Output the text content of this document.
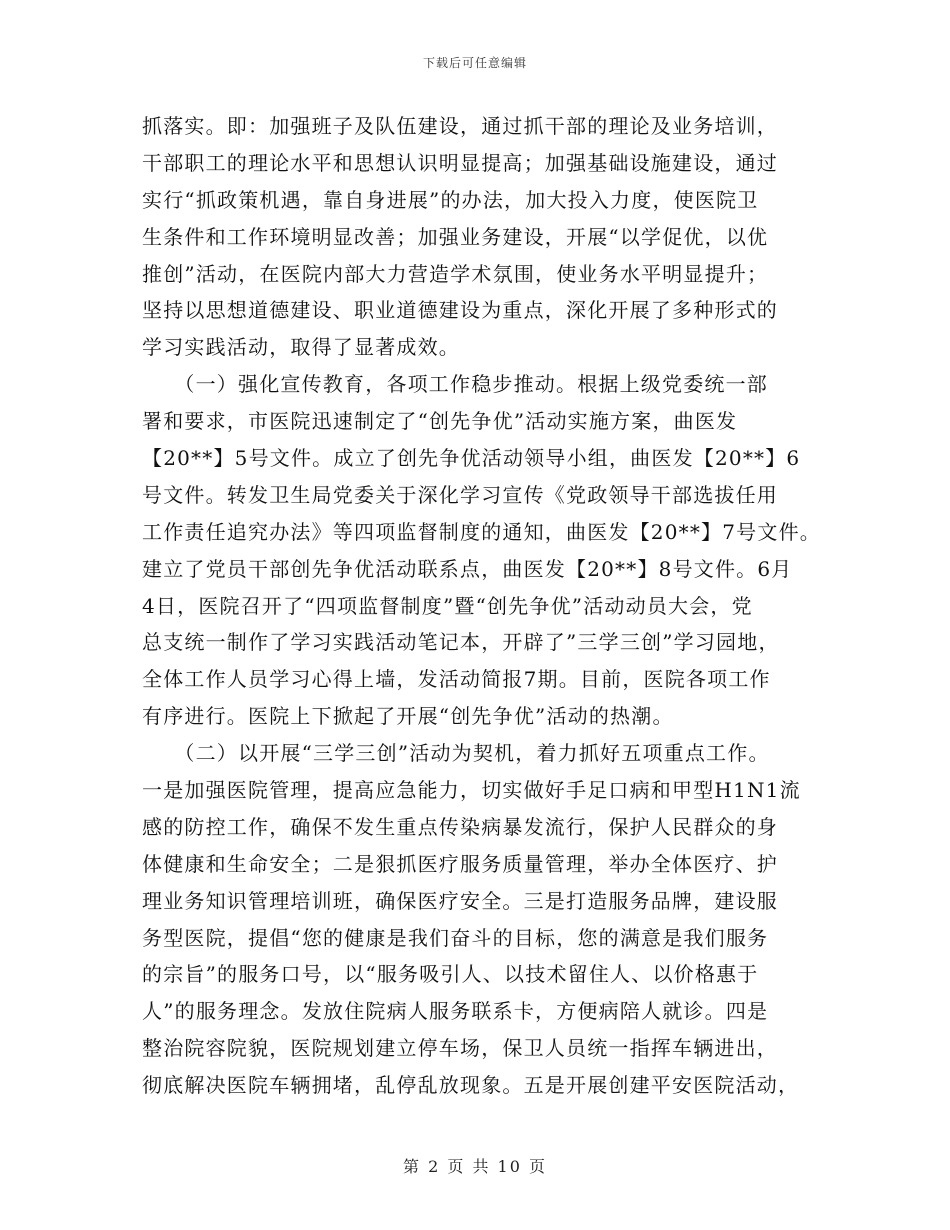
下载后可任意编辑
抓落实。即：加强班子及队伍建设，通过抓干部的理论及业务培训，
干部职工的理论水平和思想认识明显提高；加强基础设施建设，通过
实行“抓政策机遇，靠自身进展”的办法，加大投入力度，使医院卫
生条件和工作环境明显改善；加强业务建设，开展“以学促优，以优
推创”活动，在医院内部大力营造学术氛围，使业务水平明显提升；
坚持以思想道德建设、职业道德建设为重点，深化开展了多种形式的
学习实践活动，取得了显著成效。
　　（一）强化宣传教育，各项工作稳步推动。根据上级党委统一部
署和要求，市医院迅速制定了“创先争优”活动实施方案，曲医发
【20**】5号文件。成立了创先争优活动领导小组，曲医发【20**】6
号文件。转发卫生局党委关于深化学习宣传《党政领导干部选拔任用
工作责任追究办法》等四项监督制度的通知，曲医发【20**】7号文件。
建立了党员干部创先争优活动联系点，曲医发【20**】8号文件。6月
4日，医院召开了“四项监督制度”暨“创先争优”活动动员大会，党
总支统一制作了学习实践活动笔记本，开辟了”三学三创”学习园地，
全体工作人员学习心得上墙，发活动简报7期。目前，医院各项工作
有序进行。医院上下掀起了开展“创先争优”活动的热潮。
　　（二）以开展“三学三创”活动为契机，着力抓好五项重点工作。
一是加强医院管理，提高应急能力，切实做好手足口病和甲型H1N1流
感的防控工作，确保不发生重点传染病暴发流行，保护人民群众的身
体健康和生命安全；二是狠抓医疗服务质量管理，举办全体医疗、护
理业务知识管理培训班，确保医疗安全。三是打造服务品牌，建设服
务型医院，提倡“您的健康是我们奋斗的目标，您的满意是我们服务
的宗旨”的服务口号，以“服务吸引人、以技术留住人、以价格惠于
人”的服务理念。发放住院病人服务联系卡，方便病陪人就诊。四是
整治院容院貌，医院规划建立停车场，保卫人员统一指挥车辆进出，
彻底解决医院车辆拥堵，乱停乱放现象。五是开展创建平安医院活动，
第 2 页 共 10 页
